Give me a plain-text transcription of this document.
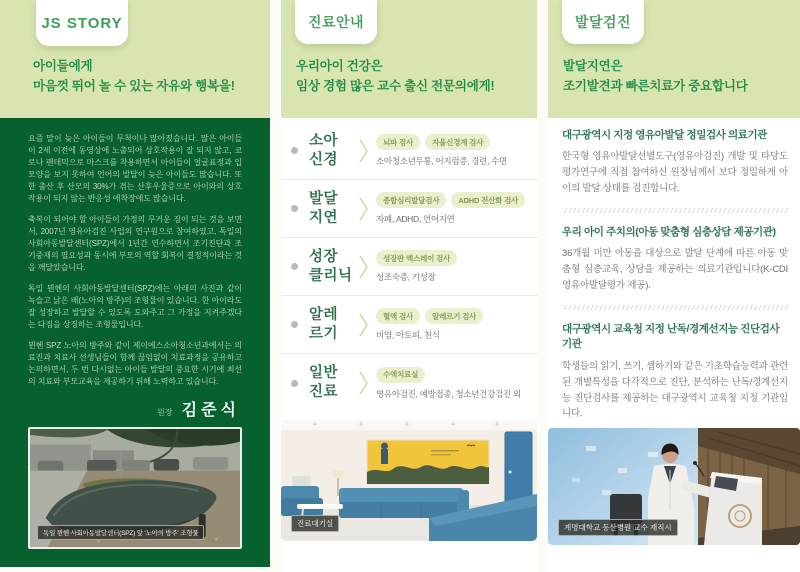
JS STORY
아이들에게
마음껏 뛰어 놀 수 있는 자유와 행복을!

요즘 말이 늦은 아이들이 무척이나 많아졌습니다. 많은 아이들이 2세 이전에 동영상에 노출되어 상호작용이 잘 되지 않고, 코로나 팬데믹으로 마스크를 착용하면서 아이들이 얼굴표정과 입모양을 보지 못하여 언어의 발달이 늦은 아이들도 많습니다. 또한 출산 후 산모의 30%가 겪는 산후우울증으로 아이와의 상호작용이 되지 않는 반응성 애착장애도 많습니다.

축복이 되어야 할 아이들이 가정의 무거운 짐이 되는 것을 보면서, 2007년 영유아검진 사업의 연구원으로 참여하였고, 독일의 사회아동발달센터(SPZ)에서 1년간 연수하면서 조기진단과 조기중재의 필요성과 동시에 부모의 역할 회복이 결정적이라는 것을 깨달았습니다.

독일 뮌헨의 사회아동발달센터(SPZ)에는 아래의 사진과 같이 녹슬고 낡은 배(노아의 방주)의 조형물이 있습니다. 한 아이라도 잘 성장하고 발달할 수 있도록 도와주고 그 가정을 지켜주겠다는 다짐을 상징하는 조형물입니다.

뮌헨 SPZ 노아의 방주와 같이 제이에스소아청소년과에서는 의료진과 치료사 선생님들이 함께 끊임없이 치료과정을 공유하고 논의하면서, 두 번 다시없는 아이들 발달의 중요한 시기에 최선의 치료와 부모교육을 제공하기 위해 노력하고 있습니다.

원장 김준식
독일 뮌헨 사회아동발달센터(SPZ) 앞 '노아의 방주' 조형물
진료안내
우리아이 건강은
임상 경험 많은 교수 출신 전문의에게!
소아
신경
뇌파 검사	자율신경계 검사

소아청소년두통, 어지럼증, 경련, 수면

발달
지연
종합심리발달검사	ADHD 전산화 검사

자폐, ADHD, 언어지연

성장
클리닉
성장판 엑스레이 검사

성조숙증, 키성장

알레
르기
혈액 검사	알레르기 검사

비염, 아토피, 천식

일반
진료
수액치료실

영유아검진, 예방접종, 청소년건강검진 외

진료대기실
발달검진
발달지연은
조기발견과 빠른치료가 중요합니다
대구광역시 지정 영유아발달 정밀검사 의료기관

한국형 영유아발달선별도구(영유아검진) 개발 및 타당도 평가연구에 직접 참여하신 원장님께서 보다 정밀하게 아이의 발달 상태를 검진합니다.

우리 아이 주치의(아동 맞춤형 심층상담 제공기관)

36개월 미만 아동을 대상으로 발달 단계에 따른 아동 맞춤형 심층교육, 상담을 제공하는 의료기관입니다(K-CDI 영유아발달평가 제공).

대구광역시 교육청 지정 난독/경계선지능 진단검사 기관

학생들의 읽기, 쓰기, 셈하기와 같은 기초학습능력과 관련된 개별특성을 다각적으로 진단, 분석하는 난독/경계선지능 진단검사를 제공하는 대구광역시 교육청 지정 기관입니다.

계명대학교 동산병원 교수 재직시
